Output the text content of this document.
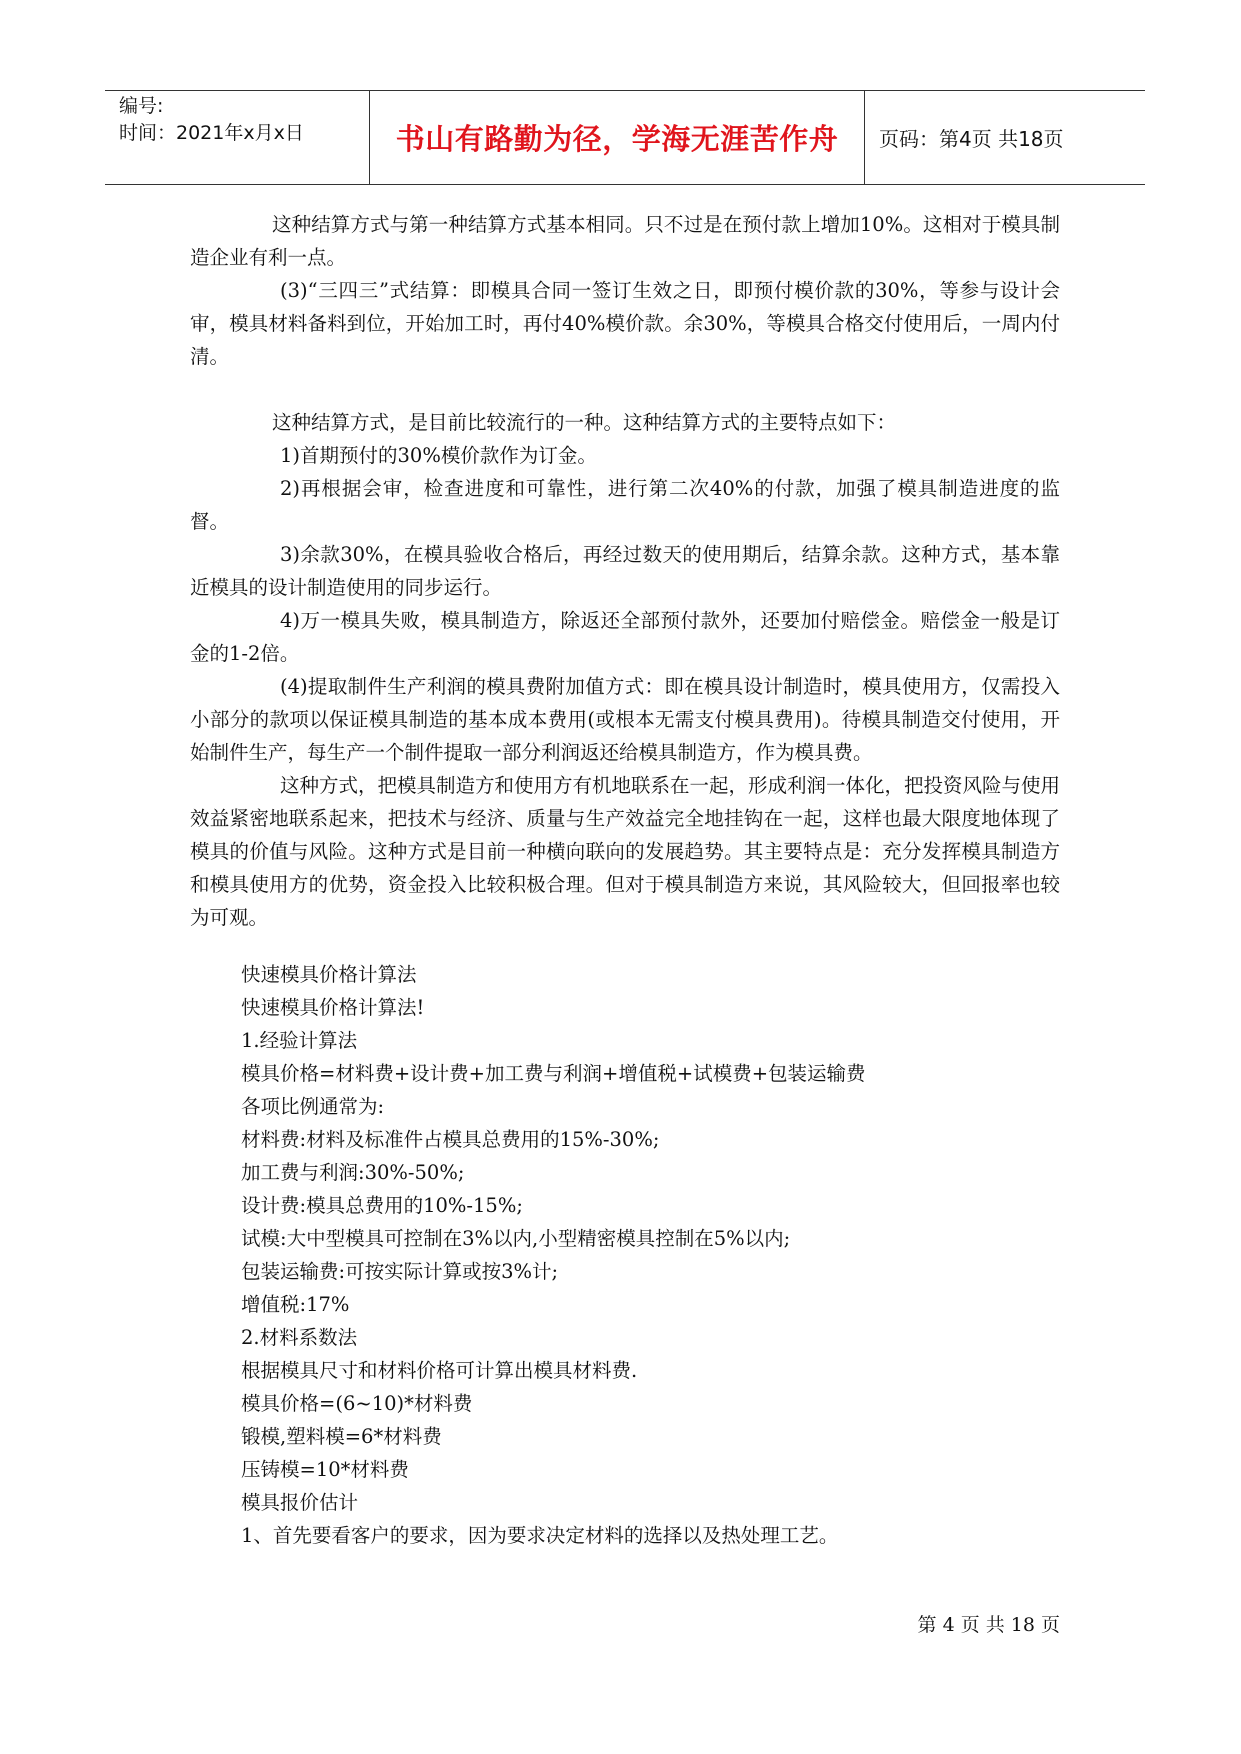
编号:
时间：2021年x月x日	书山有路勤为径，学海无涯苦作舟	页码：第4页 共18页

这种结算方式与第一种结算方式基本相同。只不过是在预付款上增加10%。这相对于模具制造企业有利一点。

(3)“三四三”式结算：即模具合同一签订生效之日，即预付模价款的30%，等参与设计会审，模具材料备料到位，开始加工时，再付40%模价款。余30%，等模具合格交付使用后，一周内付清。

这种结算方式，是目前比较流行的一种。这种结算方式的主要特点如下：

1)首期预付的30%模价款作为订金。

2)再根据会审，检查进度和可靠性，进行第二次40%的付款，加强了模具制造进度的监督。

3)余款30%，在模具验收合格后，再经过数天的使用期后，结算余款。这种方式，基本靠近模具的设计制造使用的同步运行。

4)万一模具失败，模具制造方，除返还全部预付款外，还要加付赔偿金。赔偿金一般是订金的1-2倍。

(4)提取制件生产利润的模具费附加值方式：即在模具设计制造时，模具使用方，仅需投入小部分的款项以保证模具制造的基本成本费用(或根本无需支付模具费用)。待模具制造交付使用，开始制件生产，每生产一个制件提取一部分利润返还给模具制造方，作为模具费。

这种方式，把模具制造方和使用方有机地联系在一起，形成利润一体化，把投资风险与使用效益紧密地联系起来，把技术与经济、质量与生产效益完全地挂钩在一起，这样也最大限度地体现了模具的价值与风险。这种方式是目前一种横向联向的发展趋势。其主要特点是：充分发挥模具制造方和模具使用方的优势，资金投入比较积极合理。但对于模具制造方来说，其风险较大，但回报率也较为可观。

快速模具价格计算法

快速模具价格计算法!

1.经验计算法

模具价格=材料费+设计费+加工费与利润+增值税+试模费+包装运输费

各项比例通常为:

材料费:材料及标准件占模具总费用的15%-30%;

加工费与利润:30%-50%;

设计费:模具总费用的10%-15%;

试模:大中型模具可控制在3%以内,小型精密模具控制在5%以内;

包装运输费:可按实际计算或按3%计;

增值税:17%

2.材料系数法

根据模具尺寸和材料价格可计算出模具材料费.

模具价格=(6~10)*材料费

锻模,塑料模=6*材料费

压铸模=10*材料费

模具报价估计

1、首先要看客户的要求，因为要求决定材料的选择以及热处理工艺。

第 4 页 共 18 页
